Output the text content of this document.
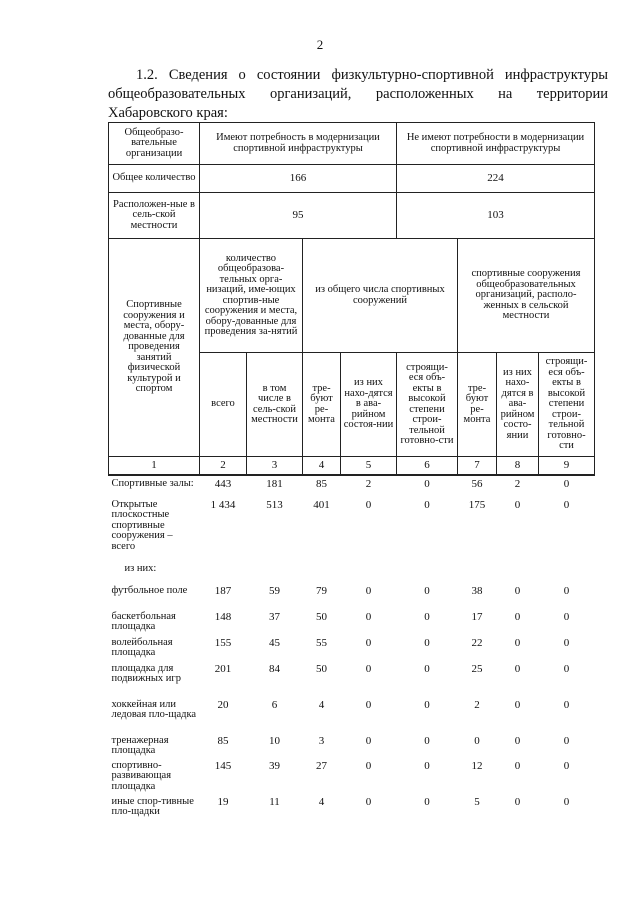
2
1.2. Сведения о состоянии физкультурно-спортивной инфраструктуры общеобразовательных организаций, расположенных на территории Хабаровского края:
Общеобразо-вательные организации	Имеют потребность в модернизации спортивной инфраструктуры				Не имеют потребности в модернизации спортивной инфраструктуры			
Общее количество	166				224			
Расположен-ные в сель-ской местности	95				103			
Спортивные сооружения и места, обору-дованные для проведения занятий физической культурой и спортом	количество общеобразова-тельных орга-низаций, име-ющих спортив-ные сооружения и места, обору-дованные для проведения за-нятий		из общего числа спортивных сооружений			спортивные сооружения общеобразовательных организаций, располо-женных в сельской местности		
	всего	в том числе в сель-ской местности	тре-буют ре-монта	из них нахо-дятся в ава-рийном состоя-нии	строящи-еся объ-екты в высокой степени строи-тельной готовно-сти	тре-буют ре-монта	из них нахо-дятся в ава-рийном состо-янии	строящи-еся объ-екты в высокой степени строи-тельной готовно-сти
1	2	3	4	5	6	7	8	9
Спортивные залы:	443	181	85	2	0	56	2	0
Открытые плоскостные спортивные сооружения – всего	1 434	513	401	0	0	175	0	0
из них:								
футбольное поле	187	59	79	0	0	38	0	0
баскетбольная площадка	148	37	50	0	0	17	0	0
волейбольная площадка	155	45	55	0	0	22	0	0
площадка для подвижных игр	201	84	50	0	0	25	0	0
хоккейная или ледовая пло-щадка	20	6	4	0	0	2	0	0
тренажерная площадка	85	10	3	0	0	0	0	0
спортивно-развивающая площадка	145	39	27	0	0	12	0	0
иные спор-тивные пло-щадки	19	11	4	0	0	5	0	0
